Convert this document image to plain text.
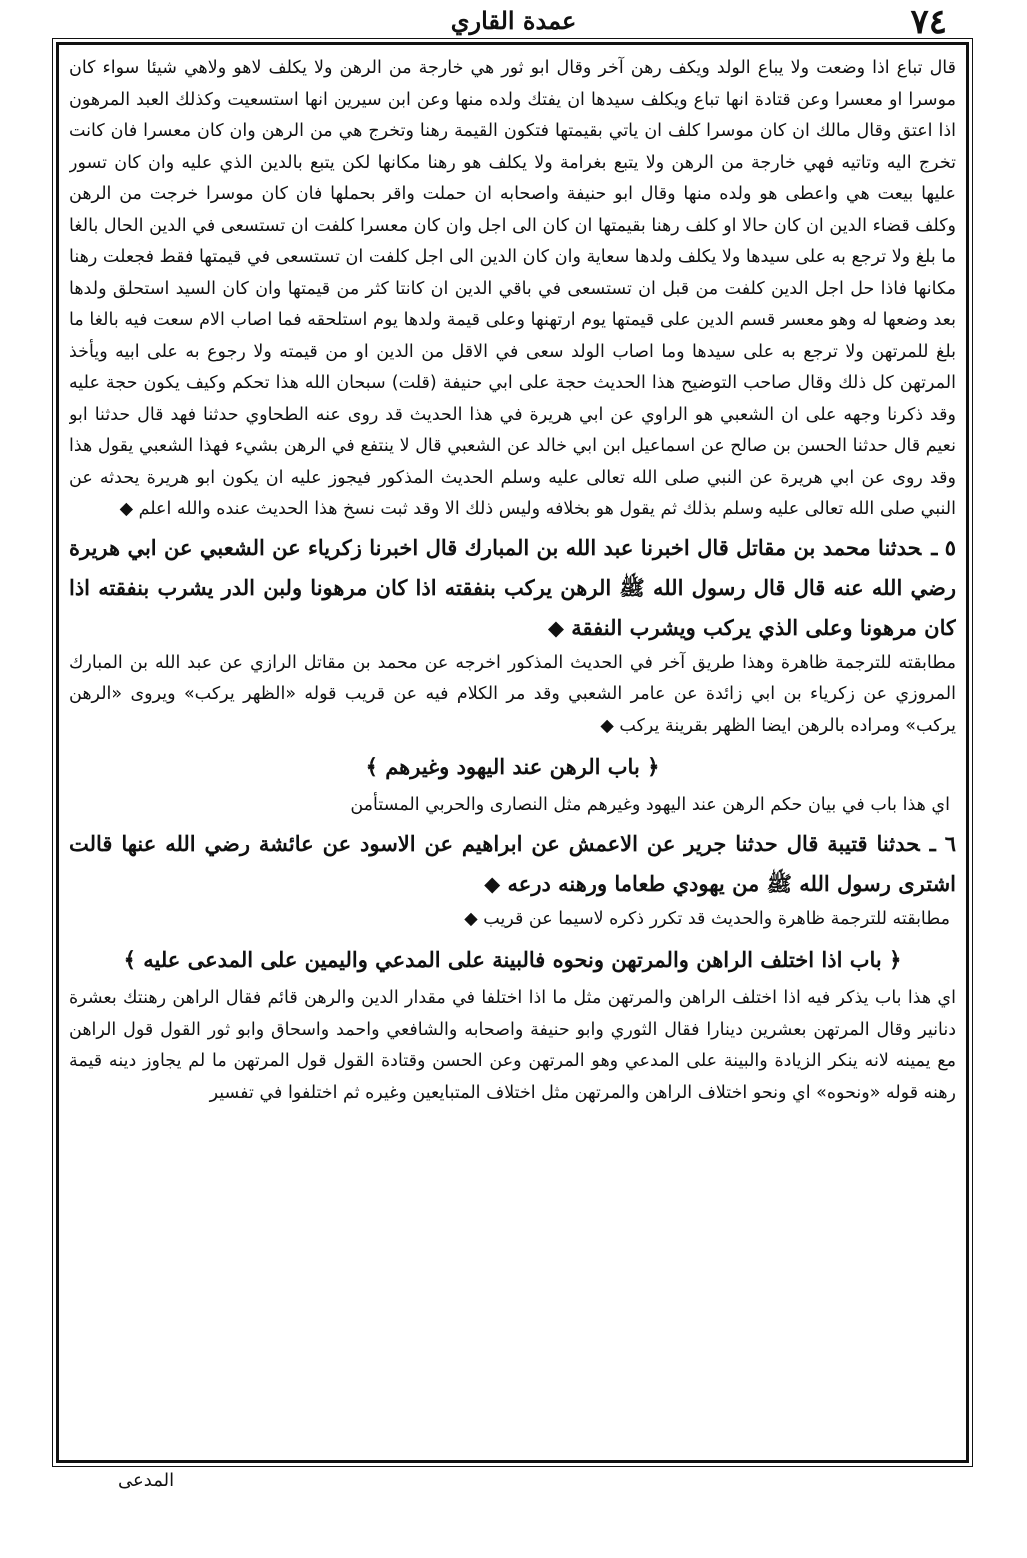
٧٤
عمدة القاري

قال تباع اذا وضعت ولا يباع الولد ويكف رهن آخر وقال ابو ثور هي خارجة من الرهن ولا يكلف لاهو ولاهي شيئا سواء كان موسرا او معسرا وعن قتادة انها تباع ويكلف سيدها ان يفتك ولده منها وعن ابن سيرين انها استسعيت وكذلك العبد المرهون اذا اعتق وقال مالك ان كان موسرا كلف ان ياتي بقيمتها فتكون القيمة رهنا وتخرج هي من الرهن وان كان معسرا فان كانت تخرج اليه وتاتيه فهي خارجة من الرهن ولا يتبع بغرامة ولا يكلف هو رهنا مكانها لكن يتبع بالدين الذي عليه وان كان تسور عليها بيعت هي واعطى هو ولده منها وقال ابو حنيفة واصحابه ان حملت واقر بحملها فان كان موسرا خرجت من الرهن وكلف قضاء الدين ان كان حالا او كلف رهنا بقيمتها ان كان الى اجل وان كان معسرا كلفت ان تستسعى في الدين الحال بالغا ما بلغ ولا ترجع به على سيدها ولا يكلف ولدها سعاية وان كان الدين الى اجل كلفت ان تستسعى في قيمتها فقط فجعلت رهنا مكانها فاذا حل اجل الدين كلفت من قبل ان تستسعى في باقي الدين ان كانتا كثر من قيمتها وان كان السيد استحلق ولدها بعد وضعها له وهو معسر قسم الدين على قيمتها يوم ارتهنها وعلى قيمة ولدها يوم استلحقه فما اصاب الام سعت فيه بالغا ما بلغ للمرتهن ولا ترجع به على سيدها وما اصاب الولد سعى في الاقل من الدين او من قيمته ولا رجوع به على ابيه ويأخذ المرتهن كل ذلك وقال صاحب التوضيح هذا الحديث حجة على ابي حنيفة (قلت) سبحان الله هذا تحكم وكيف يكون حجة عليه وقد ذكرنا وجهه على ان الشعبي هو الراوي عن ابي هريرة في هذا الحديث قد روى عنه الطحاوي حدثنا فهد قال حدثنا ابو نعيم قال حدثنا الحسن بن صالح عن اسماعيل ابن ابي خالد عن الشعبي قال لا ينتفع في الرهن بشيء فهذا الشعبي يقول هذا وقد روى عن ابي هريرة عن النبي صلى الله تعالى عليه وسلم الحديث المذكور فيجوز عليه ان يكون ابو هريرة يحدثه عن النبي صلى الله تعالى عليه وسلم بذلك ثم يقول هو بخلافه وليس ذلك الا وقد ثبت نسخ هذا الحديث عنده والله اعلم ◆

٥ ـحدثنا محمد بن مقاتل قال اخبرنا عبد الله بن المبارك قال اخبرنا زكرياء عن الشعبي عن ابي هريرة رضي الله عنه قال قال رسول الله ﷺ الرهن يركب بنفقته اذا كان مرهونا ولبن الدر يشرب بنفقته اذا كان مرهونا وعلى الذي يركب ويشرب النفقة ◆

مطابقته للترجمة ظاهرة وهذا طريق آخر في الحديث المذكور اخرجه عن محمد بن مقاتل الرازي عن عبد الله بن المبارك المروزي عن زكرياء بن ابي زائدة عن عامر الشعبي وقد مر الكلام فيه عن قريب قوله «الظهر يركب» ويروى «الرهن يركب» ومراده بالرهن ايضا الظهر بقرينة يركب ◆

﴿ باب الرهن عند اليهود وغيرهم ﴾

اي هذا باب في بيان حكم الرهن عند اليهود وغيرهم مثل النصارى والحربي المستأمن

٦ ـحدثنا قتيبة قال حدثنا جرير عن الاعمش عن ابراهيم عن الاسود عن عائشة رضي الله عنها قالت اشترى رسول الله ﷺ من يهودي طعاما ورهنه درعه ◆

مطابقته للترجمة ظاهرة والحديث قد تكرر ذكره لاسيما عن قريب ◆

﴿ باب اذا اختلف الراهن والمرتهن ونحوه فالبينة على المدعي واليمين على المدعى عليه ﴾

اي هذا باب يذكر فيه اذا اختلف الراهن والمرتهن مثل ما اذا اختلفا في مقدار الدين والرهن قائم فقال الراهن رهنتك بعشرة دنانير وقال المرتهن بعشرين دينارا فقال الثوري وابو حنيفة واصحابه والشافعي واحمد واسحاق وابو ثور القول قول الراهن مع يمينه لانه ينكر الزيادة والبينة على المدعي وهو المرتهن وعن الحسن وقتادة القول قول المرتهن ما لم يجاوز دينه قيمة رهنه قوله «ونحوه» اي ونحو اختلاف الراهن والمرتهن مثل اختلاف المتبايعين وغيره ثم اختلفوا في تفسير

المدعى
